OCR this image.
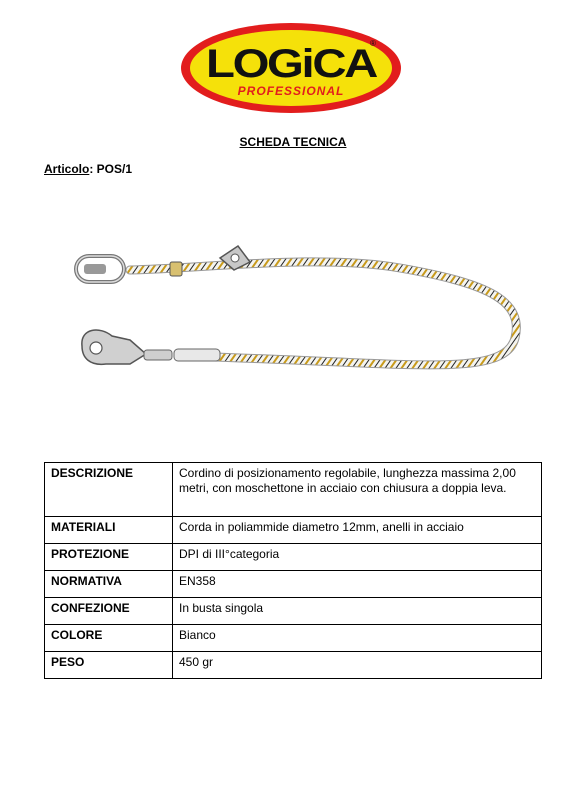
LOGiCA
PROFESSIONAL
®
SCHEDA TECNICA
Articolo: POS/1
DESCRIZIONE	Cordino di posizionamento regolabile, lunghezza massima 2,00 metri, con moschettone in acciaio con chiusura a doppia leva.
MATERIALI	Corda in poliammide diametro 12mm, anelli in acciaio
PROTEZIONE	DPI di III°categoria
NORMATIVA	EN358
CONFEZIONE	In busta singola
COLORE	Bianco
PESO	450 gr
